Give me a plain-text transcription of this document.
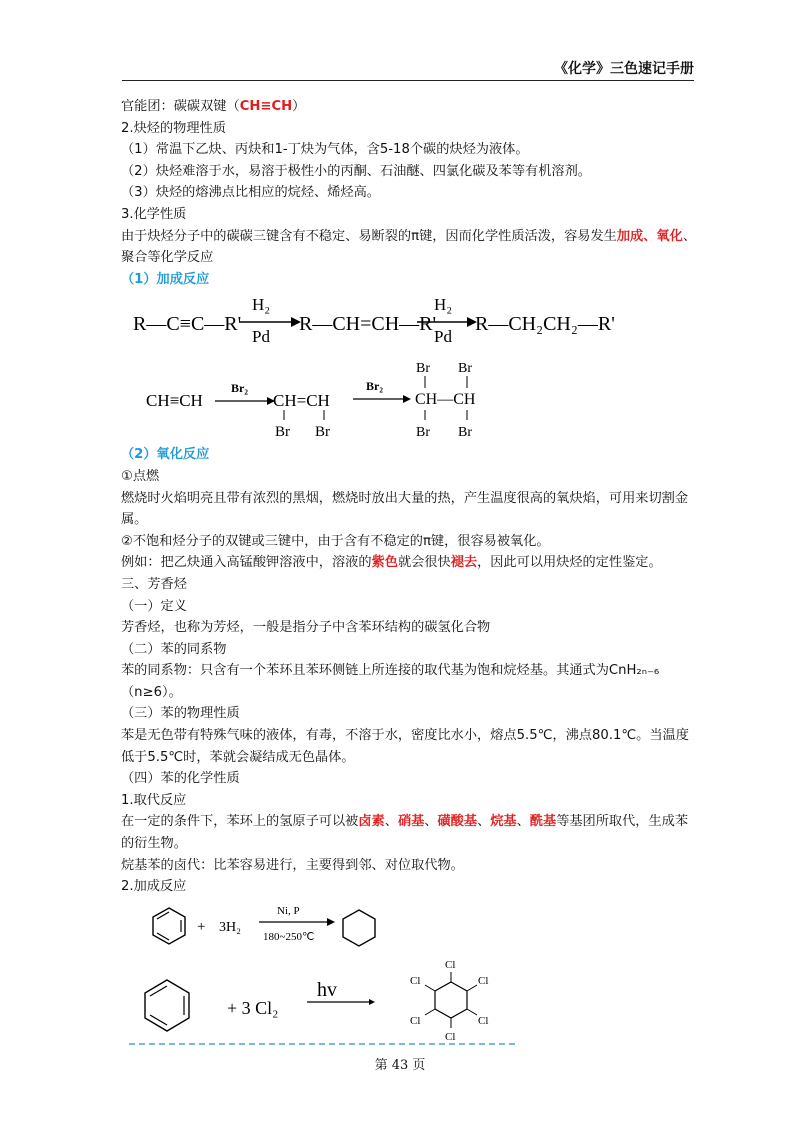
《化学》三色速记手册

官能团：碳碳双键（CH≡CH）

2.炔烃的物理性质

（1）常温下乙炔、丙炔和1-丁炔为气体，含5-18个碳的炔烃为液体。

（2）炔烃难溶于水，易溶于极性小的丙酮、石油醚、四氯化碳及苯等有机溶剂。

（3）炔烃的熔沸点比相应的烷烃、烯烃高。

3.化学性质

由于炔烃分子中的碳碳三键含有不稳定、易断裂的π键，因而化学性质活泼，容易发生加成、氧化、聚合等化学反应

（1）加成反应

R—C≡C—R'
H₂
Pd
R—CH=CH—R'
H₂
Pd
R—CH₂CH₂—R'
CH≡CH
Br₂
CH=CH
Br Br
Br₂
Br Br
CH—CH
Br Br

（2）氧化反应

①点燃

燃烧时火焰明亮且带有浓烈的黑烟，燃烧时放出大量的热，产生温度很高的氧炔焰，可用来切割金属。

②不饱和烃分子的双键或三键中，由于含有不稳定的π键，很容易被氧化。

例如：把乙炔通入高锰酸钾溶液中，溶液的紫色就会很快褪去，因此可以用炔烃的定性鉴定。

三、芳香烃

（一）定义

芳香烃，也称为芳烃，一般是指分子中含苯环结构的碳氢化合物

（二）苯的同系物

苯的同系物：只含有一个苯环且苯环侧链上所连接的取代基为饱和烷烃基。其通式为CnH₂ₙ₋₆（n≥6）。

（三）苯的物理性质

苯是无色带有特殊气味的液体，有毒，不溶于水，密度比水小，熔点5.5℃，沸点80.1℃。当温度低于5.5℃时，苯就会凝结成无色晶体。

（四）苯的化学性质

1.取代反应

在一定的条件下，苯环上的氢原子可以被卤素、硝基、磺酸基、烷基、酰基等基团所取代，生成苯的衍生物。

烷基苯的卤代：比苯容易进行，主要得到邻、对位取代物。

2.加成反应

+ 3H₂
Ni, P
180~250℃
+ 3 Cl₂
hv
Cl
Cl
Cl
Cl
Cl
Cl
第 43 页
